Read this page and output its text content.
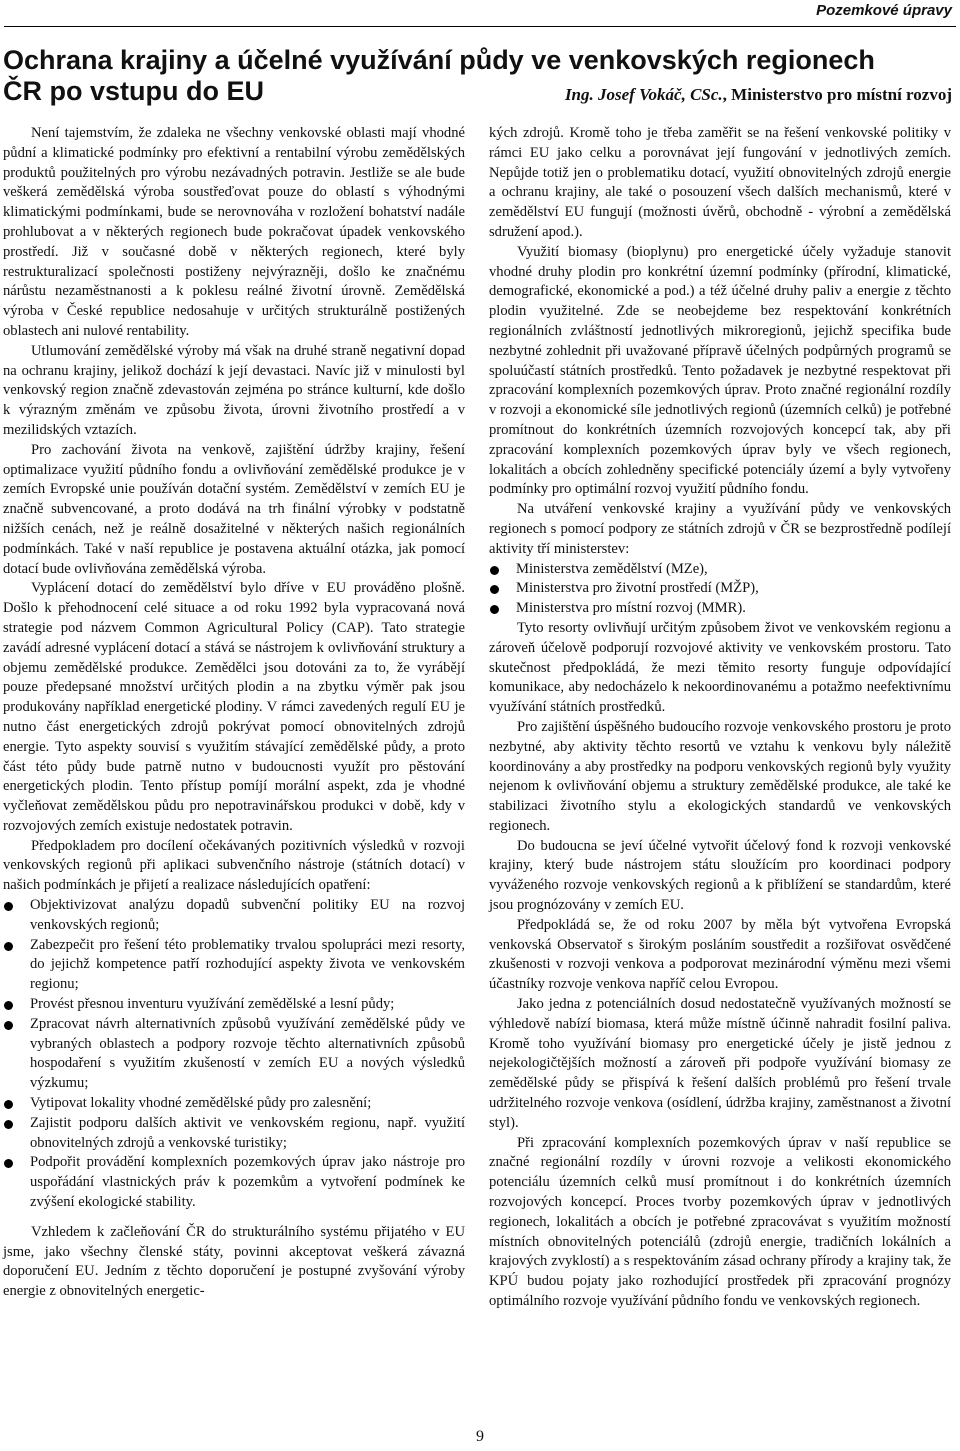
Pozemkové úpravy
Ochrana krajiny a účelné využívání půdy ve venkovských regionech
ČR po vstupu do EU	Ing. Josef Vokáč, CSc., Ministerstvo pro místní rozvoj

Není tajemstvím, že zdaleka ne všechny venkovské oblasti mají vhodné půdní a klimatické podmínky pro efektivní a rentabilní výrobu zemědělských produktů použitelných pro výrobu nezávadných potravin. Jestliže se ale bude veškerá zemědělská výroba soustřeďovat pouze do oblastí s výhodnými klimatickými podmínkami, bude se nerovnováha v rozložení bohatství nadále prohlubovat a v některých regionech bude pokračovat úpadek venkovského prostředí. Již v současné době v některých regionech, které byly restrukturalizací společnosti postiženy nejvýrazněji, došlo ke značnému nárůstu nezaměstnanosti a k poklesu reálné životní úrovně. Zemědělská výroba v České republice nedosahuje v určitých strukturálně postižených oblastech ani nulové rentability.

Utlumování zemědělské výroby má však na druhé straně negativní dopad na ochranu krajiny, jelikož dochází k její devastaci. Navíc již v minulosti byl venkovský region značně zdevastován zejména po stránce kulturní, kde došlo k výrazným změnám ve způsobu života, úrovni životního prostředí a v mezilidských vztazích.

Pro zachování života na venkově, zajištění údržby krajiny, řešení optimalizace využití půdního fondu a ovlivňování zemědělské produkce je v zemích Evropské unie používán dotační systém. Zemědělství v zemích EU je značně subvencované, a proto dodává na trh finální výrobky v podstatně nižších cenách, než je reálně dosažitelné v některých našich regionálních podmínkách. Také v naší republice je postavena aktuální otázka, jak pomocí dotací bude ovlivňována zemědělská výroba.

Vyplácení dotací do zemědělství bylo dříve v EU prováděno plošně. Došlo k přehodnocení celé situace a od roku 1992 byla vypracovaná nová strategie pod názvem Common Agricultural Policy (CAP). Tato strategie zavádí adresné vyplácení dotací a stává se nástrojem k ovlivňování struktury a objemu zemědělské produkce. Zemědělci jsou dotováni za to, že vyrábějí pouze předepsané množství určitých plodin a na zbytku výměr pak jsou produkovány například energetické plodiny. V rámci zavedených regulí EU je nutno část energetických zdrojů pokrývat pomocí obnovitelných zdrojů energie. Tyto aspekty souvisí s využitím stávající zemědělské půdy, a proto část této půdy bude patrně nutno v budoucnosti využít pro pěstování energetických plodin. Tento přístup pomíjí morální aspekt, zda je vhodné vyčleňovat zemědělskou půdu pro nepotravinářskou produkci v době, kdy v rozvojových zemích existuje nedostatek potravin.

Předpokladem pro docílení očekávaných pozitivních výsledků v rozvoji venkovských regionů při aplikaci subvenčního nástroje (státních dotací) v našich podmínkách je přijetí a realizace následujících opatření:

Objektivizovat analýzu dopadů subvenční politiky EU na rozvoj venkovských regionů;
Zabezpečit pro řešení této problematiky trvalou spolupráci mezi resorty, do jejichž kompetence patří rozhodující aspekty života ve venkovském regionu;
Provést přesnou inventuru využívání zemědělské a lesní půdy;
Zpracovat návrh alternativních způsobů využívání zemědělské půdy ve vybraných oblastech a podpory rozvoje těchto alternativních způsobů hospodaření s využitím zkušeností v zemích EU a nových výsledků výzkumu;
Vytipovat lokality vhodné zemědělské půdy pro zalesnění;
Zajistit podporu dalších aktivit ve venkovském regionu, např. využití obnovitelných zdrojů a venkovské turistiky;
Podpořit provádění komplexních pozemkových úprav jako nástroje pro uspořádání vlastnických práv k pozemkům a vytvoření podmínek ke zvýšení ekologické stability.

Vzhledem k začleňování ČR do strukturálního systému přijatého v EU jsme, jako všechny členské státy, povinni akceptovat veškerá závazná doporučení EU. Jedním z těchto doporučení je postupné zvyšování výroby energie z obnovitelných energetic-

kých zdrojů. Kromě toho je třeba zaměřit se na řešení venkovské politiky v rámci EU jako celku a porovnávat její fungování v jednotlivých zemích. Nepůjde totiž jen o problematiku dotací, využití obnovitelných zdrojů energie a ochranu krajiny, ale také o posouzení všech dalších mechanismů, které v zemědělství EU fungují (možnosti úvěrů, obchodně - výrobní a zemědělská sdružení apod.).

Využití biomasy (bioplynu) pro energetické účely vyžaduje stanovit vhodné druhy plodin pro konkrétní územní podmínky (přírodní, klimatické, demografické, ekonomické a pod.) a též účelné druhy paliv a energie z těchto plodin využitelné. Zde se neobejdeme bez respektování konkrétních regionálních zvláštností jednotlivých mikroregionů, jejichž specifika bude nezbytné zohlednit při uvažované přípravě účelných podpůrných programů se spoluúčastí státních prostředků. Tento požadavek je nezbytné respektovat při zpracování komplexních pozemkových úprav. Proto značné regionální rozdíly v rozvoji a ekonomické síle jednotlivých regionů (územních celků) je potřebné promítnout do konkrétních územních rozvojových koncepcí tak, aby při zpracování komplexních pozemkových úprav byly ve všech regionech, lokalitách a obcích zohledněny specifické potenciály území a byly vytvořeny podmínky pro optimální rozvoj využití půdního fondu.

Na utváření venkovské krajiny a využívání půdy ve venkovských regionech s pomocí podpory ze státních zdrojů v ČR se bezprostředně podílejí aktivity tří ministerstev:

Ministerstva zemědělství (MZe),
Ministerstva pro životní prostředí (MŽP),
Ministerstva pro místní rozvoj (MMR).

Tyto resorty ovlivňují určitým způsobem život ve venkovském regionu a zároveň účelově podporují rozvojové aktivity ve venkovském prostoru. Tato skutečnost předpokládá, že mezi těmito resorty funguje odpovídající komunikace, aby nedocházelo k nekoordinovanému a potažmo neefektivnímu využívání státních prostředků.

Pro zajištění úspěšného budoucího rozvoje venkovského prostoru je proto nezbytné, aby aktivity těchto resortů ve vztahu k venkovu byly náležitě koordinovány a aby prostředky na podporu venkovských regionů byly využity nejenom k ovlivňování objemu a struktury zemědělské produkce, ale také ke stabilizaci životního stylu a ekologických standardů ve venkovských regionech.

Do budoucna se jeví účelné vytvořit účelový fond k rozvoji venkovské krajiny, který bude nástrojem státu sloužícím pro koordinaci podpory vyváženého rozvoje venkovských regionů a k přiblížení se standardům, které jsou prognózovány v zemích EU.

Předpokládá se, že od roku 2007 by měla být vytvořena Evropská venkovská Observatoř s širokým posláním soustředit a rozšiřovat osvědčené zkušenosti v rozvoji venkova a podporovat mezinárodní výměnu mezi všemi účastníky rozvoje venkova napříč celou Evropou.

Jako jedna z potenciálních dosud nedostatečně využívaných možností se výhledově nabízí biomasa, která může místně účinně nahradit fosilní paliva. Kromě toho využívání biomasy pro energetické účely je jistě jednou z nejekologičtějších možností a zároveň při podpoře využívání biomasy ze zemědělské půdy se přispívá k řešení dalších problémů pro řešení trvale udržitelného rozvoje venkova (osídlení, údržba krajiny, zaměstnanost a životní styl).

Při zpracování komplexních pozemkových úprav v naší republice se značné regionální rozdíly v úrovni rozvoje a velikosti ekonomického potenciálu územních celků musí promítnout i do konkrétních územních rozvojových koncepcí. Proces tvorby pozemkových úprav v jednotlivých regionech, lokalitách a obcích je potřebné zpracovávat s využitím možností místních obnovitelných potenciálů (zdrojů energie, tradičních lokálních a krajových zvyklostí) a s respektováním zásad ochrany přírody a krajiny tak, že KPÚ budou pojaty jako rozhodující prostředek při zpracování prognózy optimálního rozvoje využívání půdního fondu ve venkovských regionech.

9
